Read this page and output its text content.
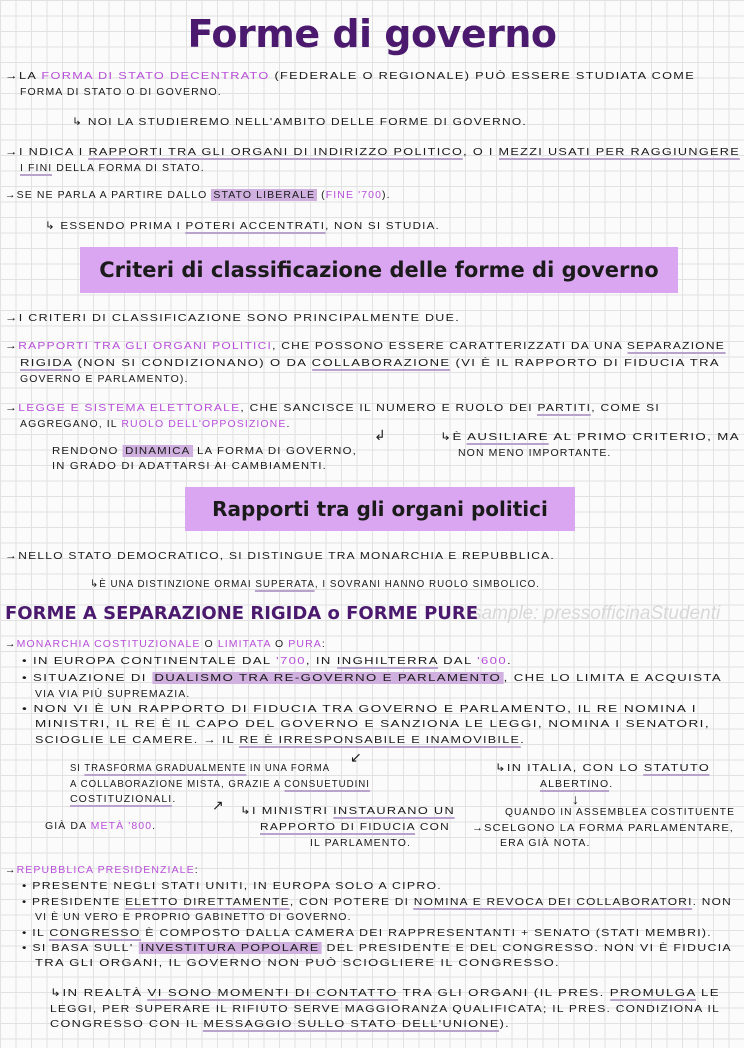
sample: pressofficinaStudenti
Forme di governo
Criteri di classificazione delle forme di governo
Rapporti tra gli organi politici
FORME A SEPARAZIONE RIGIDA o FORME PURE
→LA FORMA DI STATO DECENTRATO (FEDERALE O REGIONALE) PUÒ ESSERE STUDIATA COME
FORMA DI STATO O DI GOVERNO.
↳ NOI LA STUDIEREMO NELL'AMBITO DELLE FORME DI GOVERNO.
→I NDICA I RAPPORTI TRA GLI ORGANI DI INDIRIZZO POLITICO, O I MEZZI USATI PER RAGGIUNGERE
I FINI DELLA FORMA DI STATO.
→SE NE PARLA A PARTIRE DALLO STATO LIBERALE (FINE '700).
↳ ESSENDO PRIMA I POTERI ACCENTRATI, NON SI STUDIA.
→I CRITERI DI CLASSIFICAZIONE SONO PRINCIPALMENTE DUE.
→RAPPORTI TRA GLI ORGANI POLITICI, CHE POSSONO ESSERE CARATTERIZZATI DA UNA SEPARAZIONE
RIGIDA (NON SI CONDIZIONANO) O DA COLLABORAZIONE (VI È IL RAPPORTO DI FIDUCIA TRA
GOVERNO E PARLAMENTO).
→LEGGE E SISTEMA ELETTORALE, CHE SANCISCE IL NUMERO E RUOLO DEI PARTITI, COME SI
AGGREGANO, IL RUOLO DELL'OPPOSIZIONE.
RENDONO DINAMICA LA FORMA DI GOVERNO,
IN GRADO DI ADATTARSI AI CAMBIAMENTI.
↳È AUSILIARE AL PRIMO CRITERIO, MA
NON MENO IMPORTANTE.
→NELLO STATO DEMOCRATICO, SI DISTINGUE TRA MONARCHIA E REPUBBLICA.
↳È UNA DISTINZIONE ORMAI SUPERATA, I SOVRANI HANNO RUOLO SIMBOLICO.
→MONARCHIA COSTITUZIONALE O LIMITATA O PURA:
• IN EUROPA CONTINENTALE DAL '700, IN INGHILTERRA DAL '600.
• SITUAZIONE DI DUALISMO TRA RE-GOVERNO E PARLAMENTO , CHE LO LIMITA E ACQUISTA
VIA VIA PIÙ SUPREMAZIA.
• NON VI È UN RAPPORTO DI FIDUCIA TRA GOVERNO E PARLAMENTO, IL RE NOMINA I
MINISTRI, IL RE È IL CAPO DEL GOVERNO E SANZIONA LE LEGGI, NOMINA I SENATORI,
SCIOGLIE LE CAMERE. → IL RE È IRRESPONSABILE E INAMOVIBILE.
SI TRASFORMA GRADUALMENTE IN UNA FORMA
A COLLABORAZIONE MISTA, GRAZIE A CONSUETUDINI
COSTITUZIONALI.
↳IN ITALIA, CON LO STATUTO
ALBERTINO.
GIÀ DA METÀ '800.
↳I MINISTRI INSTAURANO UN
RAPPORTO DI FIDUCIA CON
IL PARLAMENTO.
QUANDO IN ASSEMBLEA COSTITUENTE
→SCELGONO LA FORMA PARLAMENTARE,
ERA GIÀ NOTA.
→REPUBBLICA PRESIDENZIALE:
• PRESENTE NEGLI STATI UNITI, IN EUROPA SOLO A CIPRO.
• PRESIDENTE ELETTO DIRETTAMENTE, CON POTERE DI NOMINA E REVOCA DEI COLLABORATORI. NON
VI È UN VERO E PROPRIO GABINETTO DI GOVERNO.
• IL CONGRESSO È COMPOSTO DALLA CAMERA DEI RAPPRESENTANTI + SENATO (STATI MEMBRI).
• SI BASA SULL' INVESTITURA POPOLARE DEL PRESIDENTE E DEL CONGRESSO. NON VI È FIDUCIA
TRA GLI ORGANI, IL GOVERNO NON PUÒ SCIOGLIERE IL CONGRESSO.
↳IN REALTÀ VI SONO MOMENTI DI CONTATTO TRA GLI ORGANI (IL PRES. PROMULGA LE
LEGGI, PER SUPERARE IL RIFIUTO SERVE MAGGIORANZA QUALIFICATA; IL PRES. CONDIZIONA IL
CONGRESSO CON IL MESSAGGIO SULLO STATO DELL'UNIONE).
↲
↙
↓
↗
